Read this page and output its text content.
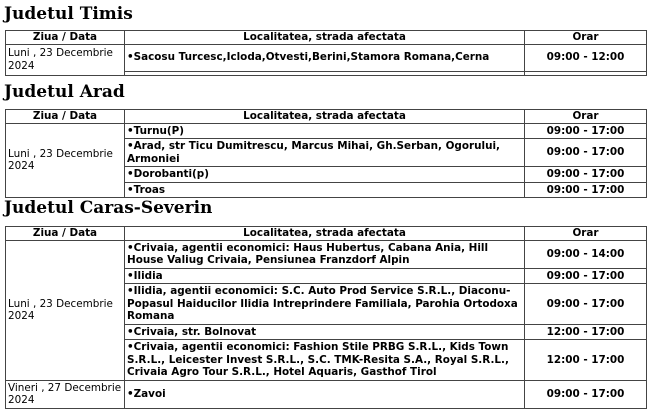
Judetul Timis
Ziua / Data	Localitatea, strada afectata	Orar
Luni , 23 Decembrie 2024	•Sacosu Turcesc,Icloda,Otvesti,Berini,Stamora Romana,Cerna	09:00 - 12:00

Judetul Arad
Ziua / Data	Localitatea, strada afectata	Orar
Luni , 23 Decembrie 2024	•Turnu(P)	09:00 - 17:00
	•Arad, str Ticu Dumitrescu, Marcus Mihai, Gh.Serban, Ogorului, Armoniei	09:00 - 17:00
	•Dorobanti(p)	09:00 - 17:00
	•Troas	09:00 - 17:00
Judetul Caras-Severin
Ziua / Data	Localitatea, strada afectata	Orar
Luni , 23 Decembrie 2024	•Crivaia, agentii economici: Haus Hubertus, Cabana Ania, Hill House Valiug Crivaia, Pensiunea Franzdorf Alpin	09:00 - 14:00
	•Ilidia	09:00 - 17:00
	•Ilidia, agentii economici: S.C. Auto Prod Service S.R.L., Diaconu-Popasul Haiducilor Ilidia Intreprindere Familiala, Parohia Ortodoxa Romana	09:00 - 17:00
	•Crivaia, str. Bolnovat	12:00 - 17:00
	•Crivaia, agentii economici: Fashion Stile PRBG S.R.L., Kids Town S.R.L., Leicester Invest S.R.L., S.C. TMK-Resita S.A., Royal S.R.L., Crivaia Agro Tour S.R.L., Hotel Aquaris, Gasthof Tirol	12:00 - 17:00
Vineri , 27 Decembrie 2024	•Zavoi	09:00 - 17:00
